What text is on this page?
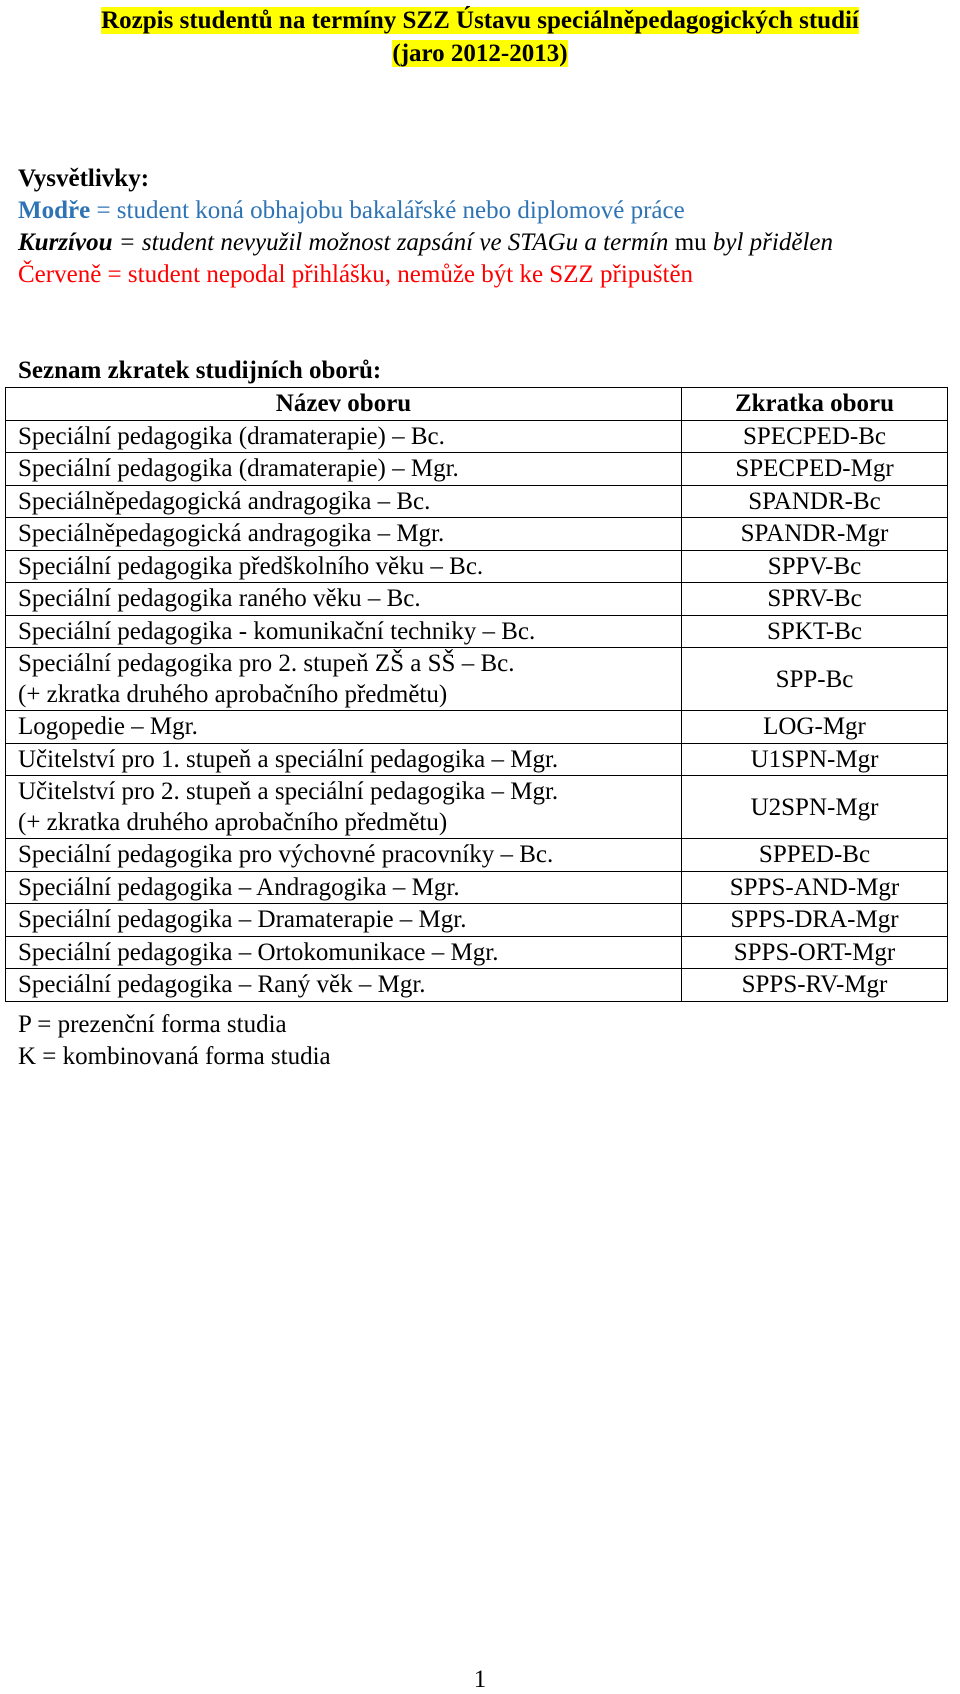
Rozpis studentů na termíny SZZ Ústavu speciálněpedagogických studií
(jaro 2012-2013)
Vysvětlivky:
Modře = student koná obhajobu bakalářské nebo diplomové práce
Kurzívou = student nevyužil možnost zapsání ve STAGu a termín mu byl přidělen
Červeně = student nepodal přihlášku, nemůže být ke SZZ připuštěn
Seznam zkratek studijních oborů:
Název oboru	Zkratka oboru
Speciální pedagogika (dramaterapie) – Bc.	SPECPED-Bc
Speciální pedagogika (dramaterapie) – Mgr.	SPECPED-Mgr
Speciálněpedagogická andragogika – Bc.	SPANDR-Bc
Speciálněpedagogická andragogika – Mgr.	SPANDR-Mgr
Speciální pedagogika předškolního věku – Bc.	SPPV-Bc
Speciální pedagogika raného věku – Bc.	SPRV-Bc
Speciální pedagogika - komunikační techniky – Bc.	SPKT-Bc
Speciální pedagogika pro 2. stupeň ZŠ a SŠ – Bc.
(+ zkratka druhého aprobačního předmětu)	SPP-Bc
Logopedie – Mgr.	LOG-Mgr
Učitelství pro 1. stupeň a speciální pedagogika – Mgr.	U1SPN-Mgr
Učitelství pro 2. stupeň a speciální pedagogika – Mgr.
(+ zkratka druhého aprobačního předmětu)	U2SPN-Mgr
Speciální pedagogika pro výchovné pracovníky – Bc.	SPPED-Bc
Speciální pedagogika – Andragogika – Mgr.	SPPS-AND-Mgr
Speciální pedagogika – Dramaterapie – Mgr.	SPPS-DRA-Mgr
Speciální pedagogika – Ortokomunikace – Mgr.	SPPS-ORT-Mgr
Speciální pedagogika – Raný věk – Mgr.	SPPS-RV-Mgr
P = prezenční forma studia
K = kombinovaná forma studia
1
